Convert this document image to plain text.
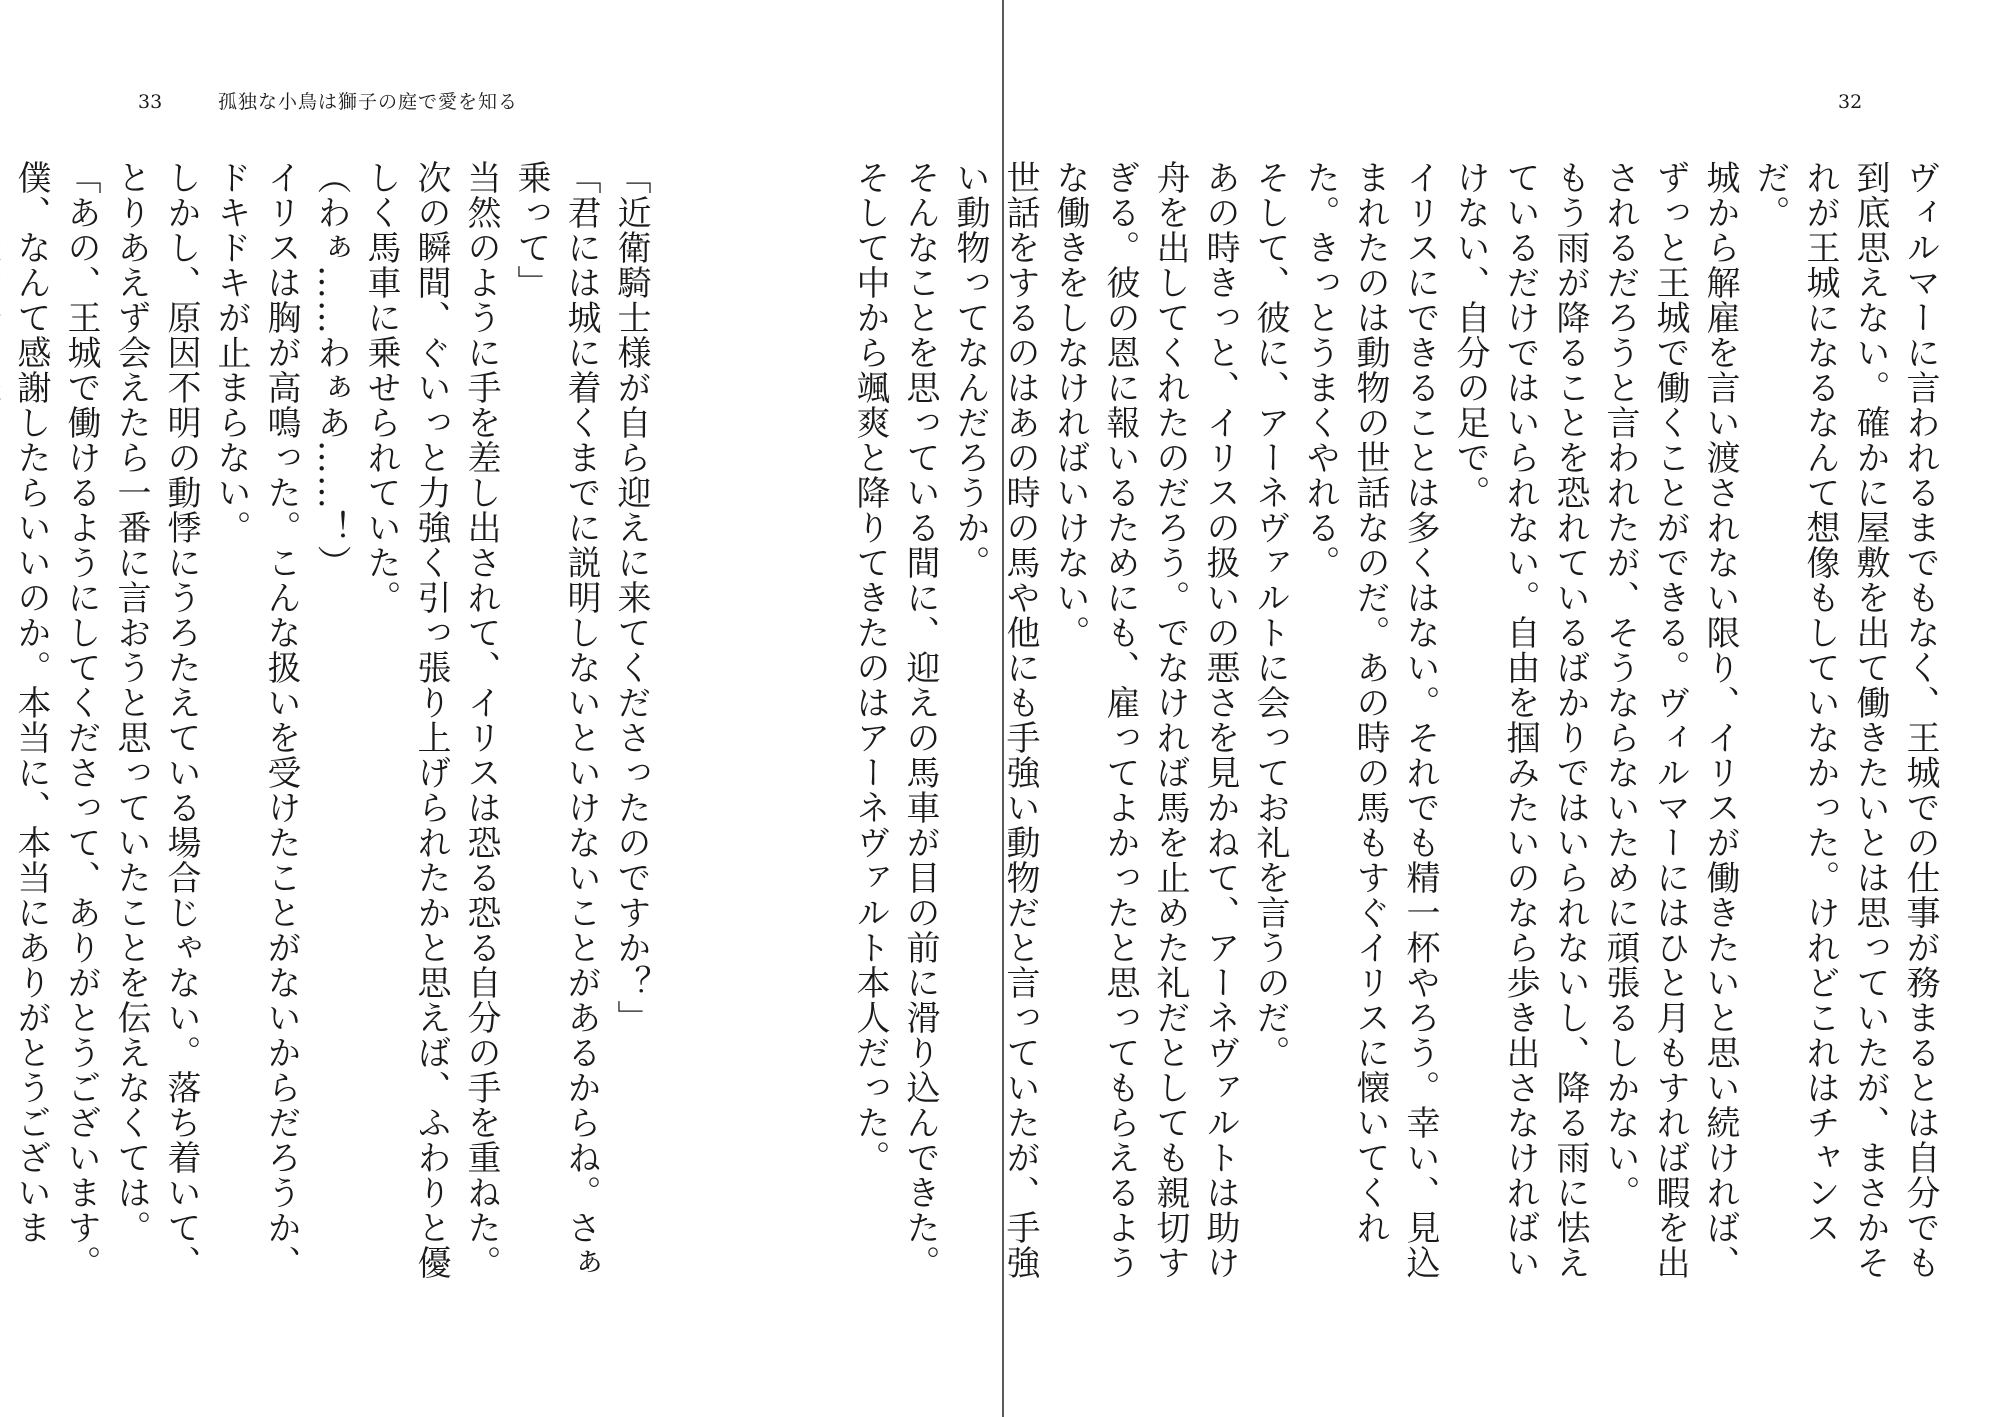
33	孤独な小鳥は獅子の庭で愛を知る

「近衛騎士様が自ら迎えに来てくださったのですか？」

「君には城に着くまでに説明しないといけないことがあるからね。さぁ乗って」

当然のように手を差し出されて、イリスは恐る恐る自分の手を重ねた。次の瞬間、ぐいっと力強く引っ張り上げられたかと思えば、ふわりと優しく馬車に乗せられていた。

（わぁ……わぁあ……！）

イリスは胸が高鳴った。こんな扱いを受けたことがないからだろうか、ドキドキが止まらない。

しかし、原因不明の動悸にうろたえている場合じゃない。落ち着いて、とりあえず会えたら一番に言おうと思っていたことを伝えなくては。

「あの、王城で働けるようにしてくださって、ありがとうございます。僕、なんて感謝したらいいのか。本当に、本当にありがとうございま

32

ヴィルマーに言われるまでもなく、王城での仕事が務まるとは自分でも到底思えない。確かに屋敷を出て働きたいとは思っていたが、まさかそれが王城になるなんて想像もしていなかった。けれどこれはチャンスだ。

城から解雇を言い渡されない限り、イリスが働きたいと思い続ければ、ずっと王城で働くことができる。ヴィルマーにはひと月もすれば暇を出されるだろうと言われたが、そうならないために頑張るしかない。

もう雨が降ることを恐れているばかりではいられないし、降る雨に怯えているだけではいられない。自由を掴みたいのなら歩き出さなければいけない、自分の足で。

イリスにできることは多くはない。それでも精一杯やろう。幸い、見込まれたのは動物の世話なのだ。あの時の馬もすぐイリスに懐いてくれた。きっとうまくやれる。

そして、彼に、アーネヴァルトに会ってお礼を言うのだ。

あの時きっと、イリスの扱いの悪さを見かねて、アーネヴァルトは助け舟を出してくれたのだろう。でなければ馬を止めた礼だとしても親切すぎる。彼の恩に報いるためにも、雇ってよかったと思ってもらえるような働きをしなければいけない。

世話をするのはあの時の馬や他にも手強い動物だと言っていたが、手強い動物ってなんだろうか。

そんなことを思っている間に、迎えの馬車が目の前に滑り込んできた。そして中から颯爽と降りてきたのはアーネヴァルト本人だった。
